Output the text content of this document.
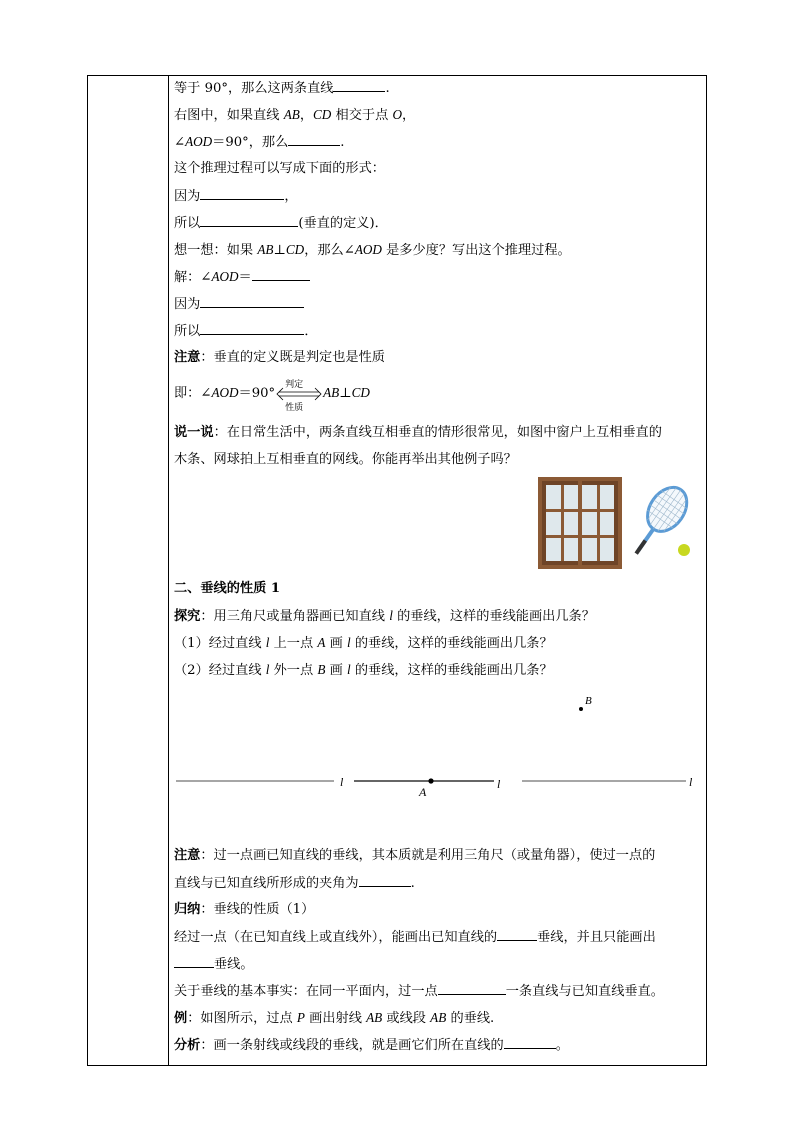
等于 90°，那么这两条直线	.
右图中，如果直线 AB，CD 相交于点 O，
∠AOD＝90°，那么	.
这个推理过程可以写成下面的形式：
因为	，
所以	(垂直的定义)．
想一想：如果 AB⊥CD，那么∠AOD 是多少度？写出这个推理过程。
解：∠AOD＝
因为
所以	．
注意：垂直的定义既是判定也是性质
即：∠AOD＝90°
判定
性质
AB⊥CD
说一说：在日常生活中，两条直线互相垂直的情形很常见，如图中窗户上互相垂直的
木条、网球拍上互相垂直的网线。你能再举出其他例子吗？
二、垂线的性质 1
探究：用三角尺或量角器画已知直线 l 的垂线，这样的垂线能画出几条？
（1）经过直线 l 上一点 A 画 l 的垂线，这样的垂线能画出几条？
（2）经过直线 l 外一点 B 画 l 的垂线，这样的垂线能画出几条？
l	l	l
A
B
注意：过一点画已知直线的垂线，其本质就是利用三角尺（或量角器），使过一点的
直线与已知直线所形成的夹角为	.
归纳：垂线的性质（1）
经过一点（在已知直线上或直线外），能画出已知直线的	垂线，并且只能画出
垂线。
关于垂线的基本事实：在同一平面内，过一点	一条直线与已知直线垂直。
例：如图所示，过点 P 画出射线 AB 或线段 AB 的垂线.
分析：画一条射线或线段的垂线，就是画它们所在直线的	。
